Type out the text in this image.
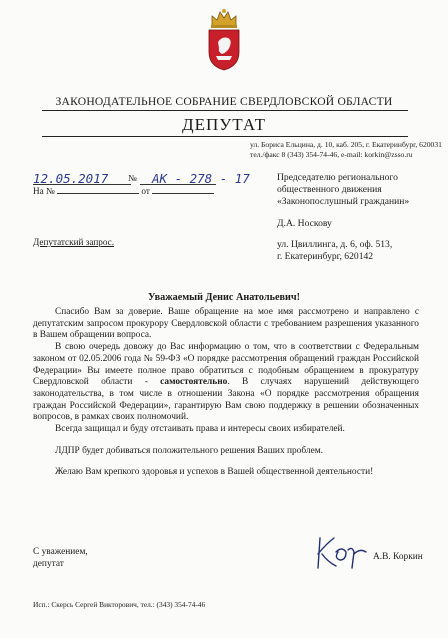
ЗАКОНОДАТЕЛЬНОЕ СОБРАНИЕ СВЕРДЛОВСКОЙ ОБЛАСТИ
ДЕПУТАТ
ул. Бориса Ельцина, д. 10, каб. 205, г. Екатеринбург, 620031
тел./факс 8 (343) 354-74-46, e-mail: korkin@zsso.ru
12.05.2017 № АК - 278 - 17
На №	от
Председателю регионального
общественного движения
«Законопослушный гражданин»
Д.А. Носкову
ул. Цвиллинга, д. 6, оф. 513,
г. Екатеринбург, 620142
Депутатский запрос.
Уважаемый Денис Анатольевич!

Спасибо Вам за доверие. Ваше обращение на мое имя рассмотрено и направлено с депутатским запросом прокурору Свердловской области с требованием разрешения указанного в Вашем обращении вопроса.

В свою очередь довожу до Вас информацию о том, что в соответствии с Федеральным законом от 02.05.2006 года № 59-ФЗ «О порядке рассмотрения обращений граждан Российской Федерации» Вы имеете полное право обратиться с подобным обращением в прокуратуру Свердловской области - самостоятельно. В случаях нарушений действующего законодательства, в том числе в отношении Закона «О порядке рассмотрения обращения граждан Российской Федерации», гарантирую Вам свою поддержку в решении обозначенных вопросов, в рамках своих полномочий.

Всегда защищал и буду отстаивать права и интересы своих избирателей.

ЛДПР будет добиваться положительного решения Ваших проблем.

Желаю Вам крепкого здоровья и успехов в Вашей общественной деятельности!

С уважением,
депутат
А.В. Коркин
Исп.: Скерсь Сергей Викторович, тел.: (343) 354-74-46
